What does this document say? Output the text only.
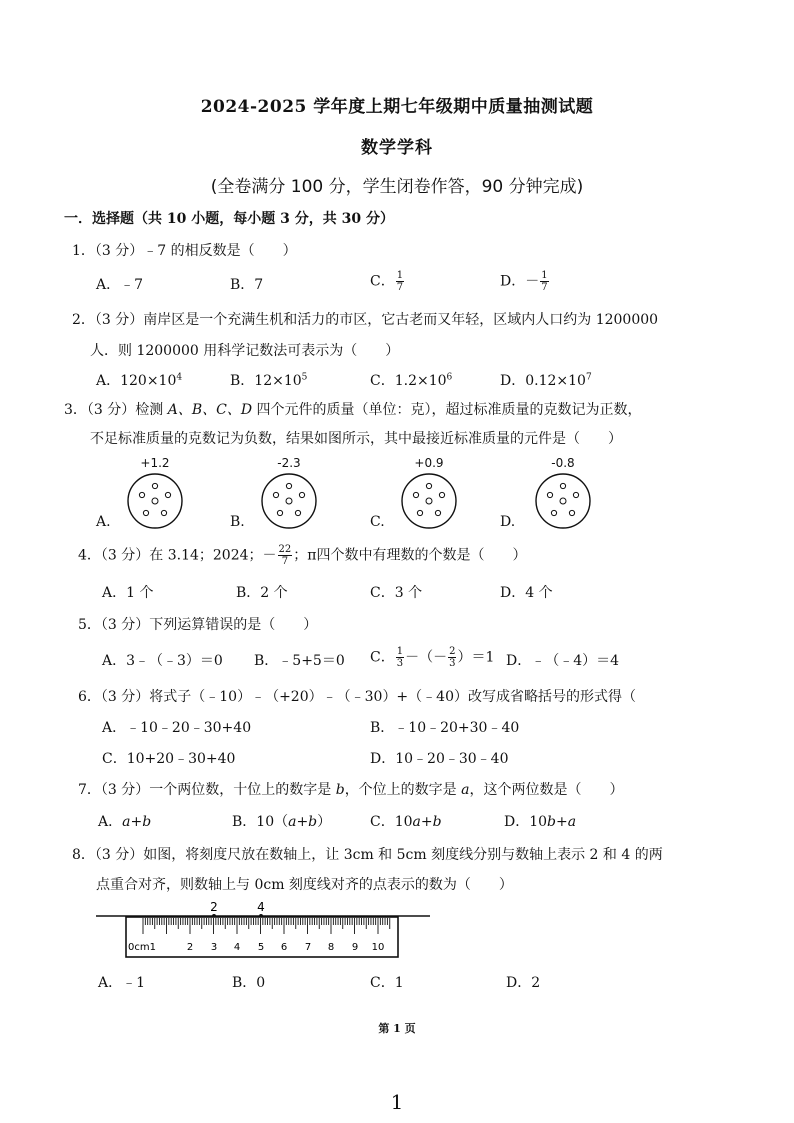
2024-2025 学年度上期七年级期中质量抽测试题
数学学科
(全卷满分 100 分，学生闭卷作答，90 分钟完成)
一．选择题（共 10 小题，每小题 3 分，共 30 分）
1．（3 分）﹣7 的相反数是（　　）
A．﹣7	B．7	C． $\frac{1}{7}$	D．－ $\frac{1}{7}$
2．（3 分）南岸区是一个充满生机和活力的市区，它古老而又年轻，区域内人口约为 1200000
人．则 1200000 用科学记数法可表示为（　　）
A．$120\times 10^4$	B．$12\times 10^5$	C．$1.2\times 10^6$	D．$0.12\times 10^7$
3．（3 分）检测 A、B、C、D 四个元件的质量（单位：克），超过标准质量的克数记为正数，
不足标准质量的克数记为负数，结果如图所示，其中最接近标准质量的元件是（　　）
+1.2
A.
-2.3
B.
+0.9
C.
-0.8
D.
4．（3 分）在 3.14；2024；－ $\frac{22}{7}$ ；π四个数中有理数的个数是（　　）
A．1 个	B．2 个	C．3 个	D．4 个
5．（3 分）下列运算错误的是（　　）
A．3﹣（﹣3）＝0 B．﹣5+5＝0 C． $\frac{1}{3}$ －（－ $\frac{2}{3} )=1$ D．﹣（﹣4）＝4
6．（3 分）将式子（﹣10）﹣（+20）﹣（﹣30）+（﹣40）改写成省略括号的形式得（
A．﹣10﹣20﹣30+40	B．﹣10﹣20+30﹣40
C．10+20﹣30+40	D．10﹣20﹣30﹣40
7．（3 分）一个两位数，十位上的数字是 b，个位上的数字是 a，这个两位数是（　　）
A．a+b	B．10（a+b）	C．10a+b	D．10b+a
8．（3 分）如图，将刻度尺放在数轴上，让 3cm 和 5cm 刻度线分别与数轴上表示 2 和 4 的两
点重合对齐，则数轴上与 0cm 刻度线对齐的点表示的数为（　　）
2	4
0cm1	2 3 4 5 6 7 8 9 10
A．﹣1	B．0	C．1	D．2
第 1 页
1
